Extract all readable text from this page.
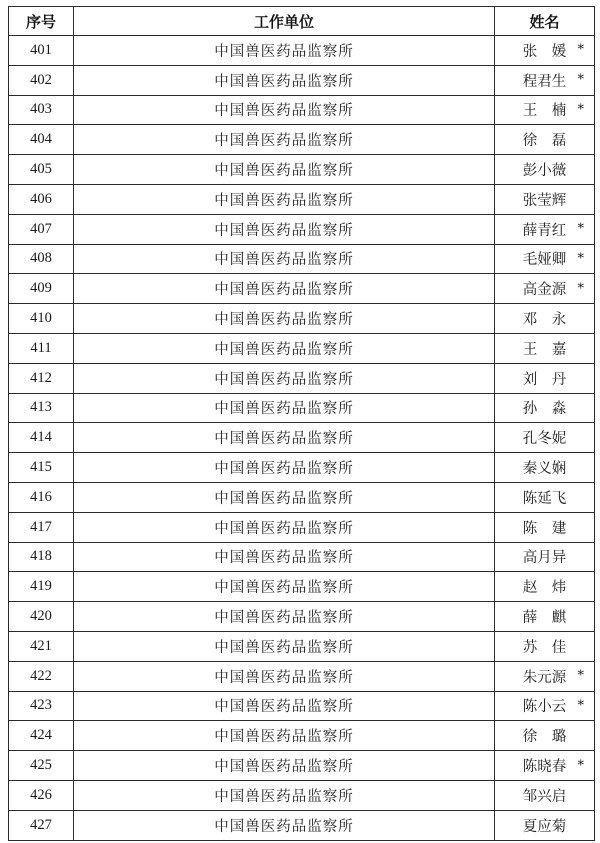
序号	工作单位	姓名
401	中国兽医药品监察所	张　媛 *

402	中国兽医药品监察所	程君生 *

403	中国兽医药品监察所	王　楠 *

404	中国兽医药品监察所	徐　磊

405	中国兽医药品监察所	彭小薇

406	中国兽医药品监察所	张莹辉

407	中国兽医药品监察所	薛青红 *

408	中国兽医药品监察所	毛娅卿 *

409	中国兽医药品监察所	高金源 *

410	中国兽医药品监察所	邓　永

411	中国兽医药品监察所	王　嘉

412	中国兽医药品监察所	刘　丹

413	中国兽医药品监察所	孙　淼

414	中国兽医药品监察所	孔冬妮

415	中国兽医药品监察所	秦义娴

416	中国兽医药品监察所	陈延飞

417	中国兽医药品监察所	陈　建

418	中国兽医药品监察所	高月异

419	中国兽医药品监察所	赵　炜

420	中国兽医药品监察所	薛　麒

421	中国兽医药品监察所	苏　佳

422	中国兽医药品监察所	朱元源 *

423	中国兽医药品监察所	陈小云 *

424	中国兽医药品监察所	徐　璐

425	中国兽医药品监察所	陈晓春 *

426	中国兽医药品监察所	邹兴启

427	中国兽医药品监察所	夏应菊
